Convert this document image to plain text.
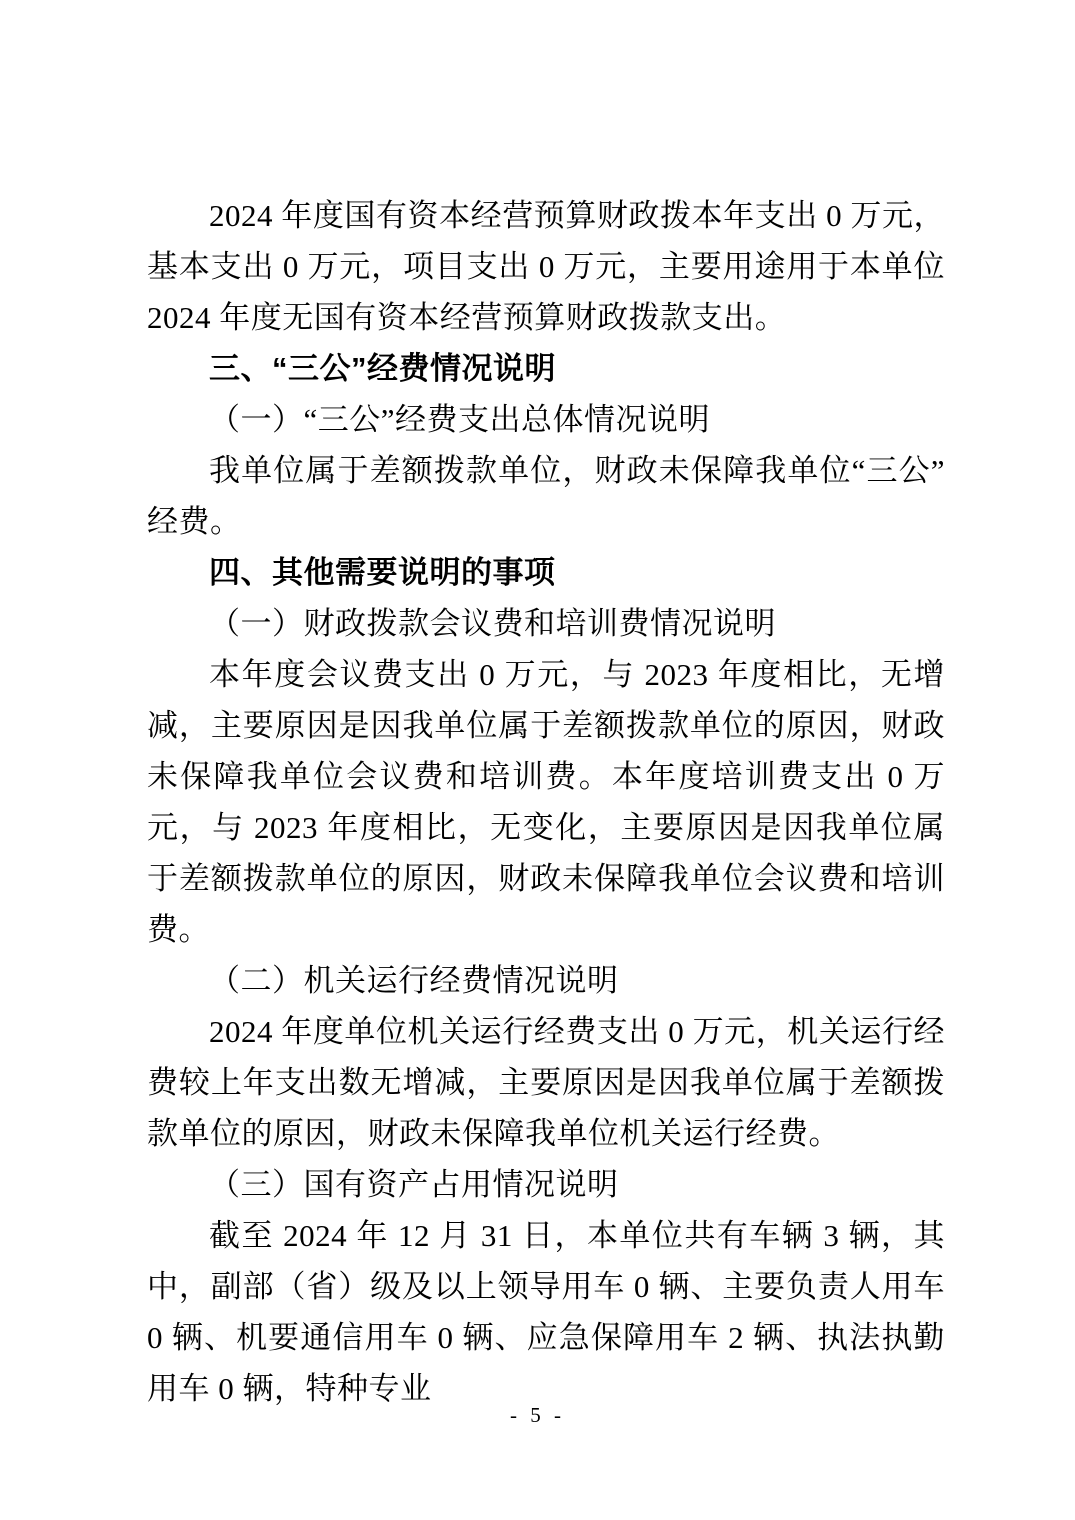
2024 年度国有资本经营预算财政拨本年支出 0 万元，基本支出 0 万元，项目支出 0 万元，主要用途用于本单位 2024 年度无国有资本经营预算财政拨款支出。

三、“三公”经费情况说明

（一）“三公”经费支出总体情况说明

我单位属于差额拨款单位，财政未保障我单位“三公”经费。

四、其他需要说明的事项

（一）财政拨款会议费和培训费情况说明

本年度会议费支出 0 万元，与 2023 年度相比，无增减，主要原因是因我单位属于差额拨款单位的原因，财政未保障我单位会议费和培训费。本年度培训费支出 0 万元，与 2023 年度相比，无变化，主要原因是因我单位属于差额拨款单位的原因，财政未保障我单位会议费和培训费。

（二）机关运行经费情况说明

2024 年度单位机关运行经费支出 0 万元，机关运行经费较上年支出数无增减，主要原因是因我单位属于差额拨款单位的原因，财政未保障我单位机关运行经费。

（三）国有资产占用情况说明

截至 2024 年 12 月 31 日，本单位共有车辆 3 辆，其中，副部（省）级及以上领导用车 0 辆、主要负责人用车 0 辆、机要通信用车 0 辆、应急保障用车 2 辆、执法执勤用车 0 辆，特种专业

- 5 -
